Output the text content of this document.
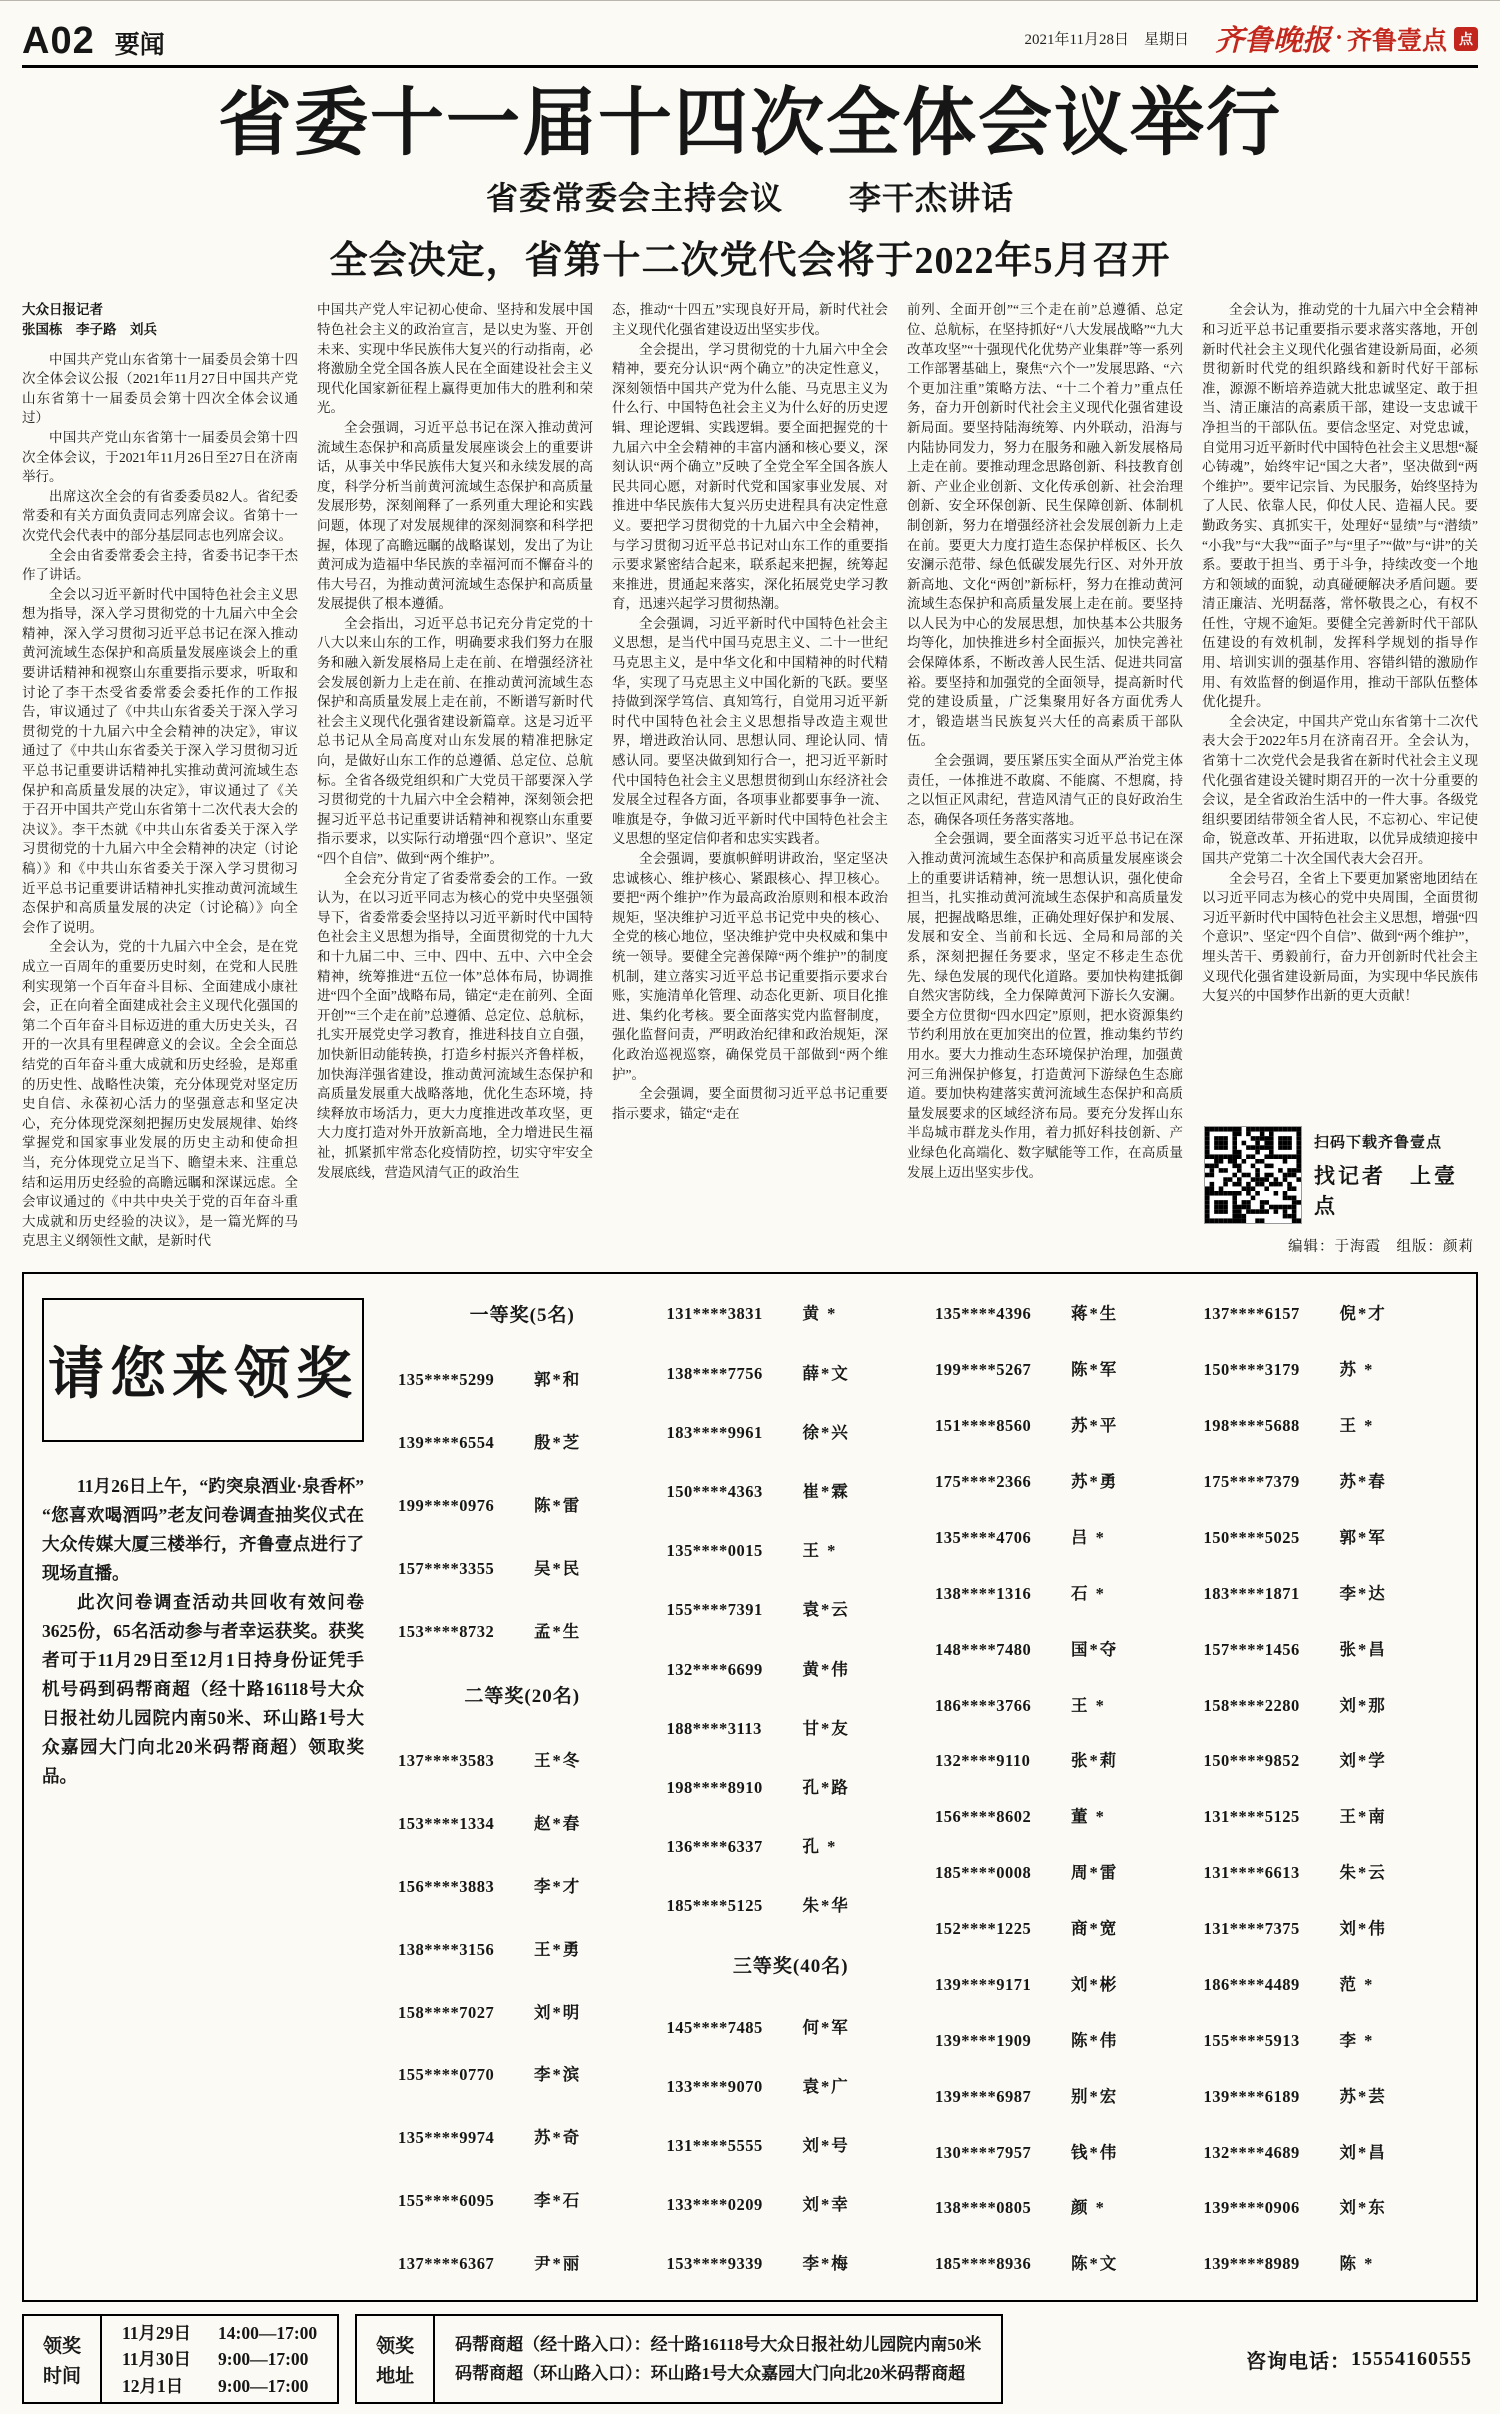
A02 要闻	2021年11月28日　星期日 齐鲁晚报 · 齐鲁壹点 点
省委十一届十四次全体会议举行
省委常委会主持会议　　李干杰讲话
全会决定，省第十二次党代会将于2022年5月召开

大众日报记者

张国栋　李子路　刘兵

中国共产党山东省第十一届委员会第十四次全体会议公报（2021年11月27日中国共产党山东省第十一届委员会第十四次全体会议通过）

中国共产党山东省第十一届委员会第十四次全体会议，于2021年11月26日至27日在济南举行。

出席这次全会的有省委委员82人。省纪委常委和有关方面负责同志列席会议。省第十一次党代会代表中的部分基层同志也列席会议。

全会由省委常委会主持，省委书记李干杰作了讲话。

全会以习近平新时代中国特色社会主义思想为指导，深入学习贯彻党的十九届六中全会精神，深入学习贯彻习近平总书记在深入推动黄河流域生态保护和高质量发展座谈会上的重要讲话精神和视察山东重要指示要求，听取和讨论了李干杰受省委常委会委托作的工作报告，审议通过了《中共山东省委关于深入学习贯彻党的十九届六中全会精神的决定》，审议通过了《中共山东省委关于深入学习贯彻习近平总书记重要讲话精神扎实推动黄河流域生态保护和高质量发展的决定》，审议通过了《关于召开中国共产党山东省第十二次代表大会的决议》。李干杰就《中共山东省委关于深入学习贯彻党的十九届六中全会精神的决定（讨论稿）》和《中共山东省委关于深入学习贯彻习近平总书记重要讲话精神扎实推动黄河流域生态保护和高质量发展的决定（讨论稿）》向全会作了说明。

全会认为，党的十九届六中全会，是在党成立一百周年的重要历史时刻，在党和人民胜利实现第一个百年奋斗目标、全面建成小康社会，正在向着全面建成社会主义现代化强国的第二个百年奋斗目标迈进的重大历史关头，召开的一次具有里程碑意义的会议。全会全面总结党的百年奋斗重大成就和历史经验，是郑重的历史性、战略性决策，充分体现党对坚定历史自信、永葆初心活力的坚强意志和坚定决心，充分体现党深刻把握历史发展规律、始终掌握党和国家事业发展的历史主动和使命担当，充分体现党立足当下、瞻望未来、注重总结和运用历史经验的高瞻远瞩和深谋远虑。全会审议通过的《中共中央关于党的百年奋斗重大成就和历史经验的决议》，是一篇光辉的马克思主义纲领性文献，是新时代

中国共产党人牢记初心使命、坚持和发展中国特色社会主义的政治宣言，是以史为鉴、开创未来、实现中华民族伟大复兴的行动指南，必将激励全党全国各族人民在全面建设社会主义现代化国家新征程上赢得更加伟大的胜利和荣光。

全会强调，习近平总书记在深入推动黄河流域生态保护和高质量发展座谈会上的重要讲话，从事关中华民族伟大复兴和永续发展的高度，科学分析当前黄河流域生态保护和高质量发展形势，深刻阐释了一系列重大理论和实践问题，体现了对发展规律的深刻洞察和科学把握，体现了高瞻远瞩的战略谋划，发出了为让黄河成为造福中华民族的幸福河而不懈奋斗的伟大号召，为推动黄河流域生态保护和高质量发展提供了根本遵循。

全会指出，习近平总书记充分肯定党的十八大以来山东的工作，明确要求我们努力在服务和融入新发展格局上走在前、在增强经济社会发展创新力上走在前、在推动黄河流域生态保护和高质量发展上走在前，不断谱写新时代社会主义现代化强省建设新篇章。这是习近平总书记从全局高度对山东发展的精准把脉定向，是做好山东工作的总遵循、总定位、总航标。全省各级党组织和广大党员干部要深入学习贯彻党的十九届六中全会精神，深刻领会把握习近平总书记重要讲话精神和视察山东重要指示要求，以实际行动增强“四个意识”、坚定“四个自信”、做到“两个维护”。

全会充分肯定了省委常委会的工作。一致认为，在以习近平同志为核心的党中央坚强领导下，省委常委会坚持以习近平新时代中国特色社会主义思想为指导，全面贯彻党的十九大和十九届二中、三中、四中、五中、六中全会精神，统筹推进“五位一体”总体布局，协调推进“四个全面”战略布局，锚定“走在前列、全面开创”“三个走在前”总遵循、总定位、总航标，扎实开展党史学习教育，推进科技自立自强，加快新旧动能转换，打造乡村振兴齐鲁样板，加快海洋强省建设，推动黄河流域生态保护和高质量发展重大战略落地，优化生态环境，持续释放市场活力，更大力度推进改革攻坚，更大力度打造对外开放新高地，全力增进民生福祉，抓紧抓牢常态化疫情防控，切实守牢安全发展底线，营造风清气正的政治生

态，推动“十四五”实现良好开局，新时代社会主义现代化强省建设迈出坚实步伐。

全会提出，学习贯彻党的十九届六中全会精神，要充分认识“两个确立”的决定性意义，深刻领悟中国共产党为什么能、马克思主义为什么行、中国特色社会主义为什么好的历史逻辑、理论逻辑、实践逻辑。要全面把握党的十九届六中全会精神的丰富内涵和核心要义，深刻认识“两个确立”反映了全党全军全国各族人民共同心愿，对新时代党和国家事业发展、对推进中华民族伟大复兴历史进程具有决定性意义。要把学习贯彻党的十九届六中全会精神，与学习贯彻习近平总书记对山东工作的重要指示要求紧密结合起来，联系起来把握，统筹起来推进，贯通起来落实，深化拓展党史学习教育，迅速兴起学习贯彻热潮。

全会强调，习近平新时代中国特色社会主义思想，是当代中国马克思主义、二十一世纪马克思主义，是中华文化和中国精神的时代精华，实现了马克思主义中国化新的飞跃。要坚持做到深学笃信、真知笃行，自觉用习近平新时代中国特色社会主义思想指导改造主观世界，增进政治认同、思想认同、理论认同、情感认同。要坚决做到知行合一，把习近平新时代中国特色社会主义思想贯彻到山东经济社会发展全过程各方面，各项事业都要事争一流、唯旗是夺，争做习近平新时代中国特色社会主义思想的坚定信仰者和忠实实践者。

全会强调，要旗帜鲜明讲政治，坚定坚决忠诚核心、维护核心、紧跟核心、捍卫核心。要把“两个维护”作为最高政治原则和根本政治规矩，坚决维护习近平总书记党中央的核心、全党的核心地位，坚决维护党中央权威和集中统一领导。要健全完善保障“两个维护”的制度机制，建立落实习近平总书记重要指示要求台账，实施清单化管理、动态化更新、项目化推进、集约化考核。要全面落实党内监督制度，强化监督问责，严明政治纪律和政治规矩，深化政治巡视巡察，确保党员干部做到“两个维护”。

全会强调，要全面贯彻习近平总书记重要指示要求，锚定“走在

前列、全面开创”“三个走在前”总遵循、总定位、总航标，在坚持抓好“八大发展战略”“九大改革攻坚”“十强现代化优势产业集群”等一系列工作部署基础上，聚焦“六个一”发展思路、“六个更加注重”策略方法、“十二个着力”重点任务，奋力开创新时代社会主义现代化强省建设新局面。要坚持陆海统筹、内外联动，沿海与内陆协同发力，努力在服务和融入新发展格局上走在前。要推动理念思路创新、科技教育创新、产业企业创新、文化传承创新、社会治理创新、安全环保创新、民生保障创新、体制机制创新，努力在增强经济社会发展创新力上走在前。要更大力度打造生态保护样板区、长久安澜示范带、绿色低碳发展先行区、对外开放新高地、文化“两创”新标杆，努力在推动黄河流域生态保护和高质量发展上走在前。要坚持以人民为中心的发展思想，加快基本公共服务均等化，加快推进乡村全面振兴，加快完善社会保障体系，不断改善人民生活、促进共同富裕。要坚持和加强党的全面领导，提高新时代党的建设质量，广泛集聚用好各方面优秀人才，锻造堪当民族复兴大任的高素质干部队伍。

全会强调，要压紧压实全面从严治党主体责任，一体推进不敢腐、不能腐、不想腐，持之以恒正风肃纪，营造风清气正的良好政治生态，确保各项任务落实落地。

全会强调，要全面落实习近平总书记在深入推动黄河流域生态保护和高质量发展座谈会上的重要讲话精神，统一思想认识，强化使命担当，扎实推动黄河流域生态保护和高质量发展，把握战略思维，正确处理好保护和发展、发展和安全、当前和长远、全局和局部的关系，深刻把握任务要求，坚定不移走生态优先、绿色发展的现代化道路。要加快构建抵御自然灾害防线，全力保障黄河下游长久安澜。要全方位贯彻“四水四定”原则，把水资源集约节约利用放在更加突出的位置，推动集约节约用水。要大力推动生态环境保护治理，加强黄河三角洲保护修复，打造黄河下游绿色生态廊道。要加快构建落实黄河流域生态保护和高质量发展要求的区域经济布局。要充分发挥山东半岛城市群龙头作用，着力抓好科技创新、产业绿色化高端化、数字赋能等工作，在高质量发展上迈出坚实步伐。

全会认为，推动党的十九届六中全会精神和习近平总书记重要指示要求落实落地，开创新时代社会主义现代化强省建设新局面，必须贯彻新时代党的组织路线和新时代好干部标准，源源不断培养造就大批忠诚坚定、敢于担当、清正廉洁的高素质干部，建设一支忠诚干净担当的干部队伍。要信念坚定、对党忠诚，自觉用习近平新时代中国特色社会主义思想“凝心铸魂”，始终牢记“国之大者”，坚决做到“两个维护”。要牢记宗旨、为民服务，始终坚持为了人民、依靠人民，仰仗人民、造福人民。要勤政务实、真抓实干，处理好“显绩”与“潜绩”“小我”与“大我”“面子”与“里子”“做”与“讲”的关系。要敢于担当、勇于斗争，持续改变一个地方和领域的面貌，动真碰硬解决矛盾问题。要清正廉洁、光明磊落，常怀敬畏之心，有权不任性，守规不逾矩。要健全完善新时代干部队伍建设的有效机制，发挥科学规划的指导作用、培训实训的强基作用、容错纠错的激励作用、有效监督的倒逼作用，推动干部队伍整体优化提升。

全会决定，中国共产党山东省第十二次代表大会于2022年5月在济南召开。全会认为，省第十二次党代会是我省在新时代社会主义现代化强省建设关键时期召开的一次十分重要的会议，是全省政治生活中的一件大事。各级党组织要团结带领全省人民，不忘初心、牢记使命，锐意改革、开拓进取，以优异成绩迎接中国共产党第二十次全国代表大会召开。

全会号召，全省上下要更加紧密地团结在以习近平同志为核心的党中央周围，全面贯彻习近平新时代中国特色社会主义思想，增强“四个意识”、坚定“四个自信”、做到“两个维护”，埋头苦干、勇毅前行，奋力开创新时代社会主义现代化强省建设新局面，为实现中华民族伟大复兴的中国梦作出新的更大贡献！

扫码下载齐鲁壹点
找记者　上壹点
编辑：于海霞　组版：颜莉
请您来领奖

11月26日上午，“趵突泉酒业·泉香杯”“您喜欢喝酒吗”老友问卷调查抽奖仪式在大众传媒大厦三楼举行，齐鲁壹点进行了现场直播。

此次问卷调查活动共回收有效问卷3625份，65名活动参与者幸运获奖。获奖者可于11月29日至12月1日持身份证凭手机号码到码帮商超（经十路16118号大众日报社幼儿园院内南50米、环山路1号大众嘉园大门向北20米码帮商超）领取奖品。

一等奖(5名)
135****5299	郭*和
139****6554	殷*芝
199****0976	陈*雷
157****3355	吴*民
153****8732	孟*生
二等奖(20名)
137****3583	王*冬
153****1334	赵*春
156****3883	李*才
138****3156	王*勇
158****7027	刘*明
155****0770	李*滨
135****9974	苏*奇
155****6095	李*石
137****6367	尹*丽
131****3831	黄 *
138****7756	薛*文
183****9961	徐*兴
150****4363	崔*霖
135****0015	王 *
155****7391	袁*云
132****6699	黄*伟
188****3113	甘*友
198****8910	孔*路
136****6337	孔 *
185****5125	朱*华
三等奖(40名)
145****7485	何*军
133****9070	袁*广
131****5555	刘*号
133****0209	刘*幸
153****9339	李*梅
135****4396	蒋*生
199****5267	陈*军
151****8560	苏*平
175****2366	苏*勇
135****4706	吕 *
138****1316	石 *
148****7480	国*夺
186****3766	王 *
132****9110	张*莉
156****8602	董 *
185****0008	周*雷
152****1225	商*宽
139****9171	刘*彬
139****1909	陈*伟
139****6987	别*宏
130****7957	钱*伟
138****0805	颜 *
185****8936	陈*文
137****6157	倪*才
150****3179	苏 *
198****5688	王 *
175****7379	苏*春
150****5025	郭*军
183****1871	李*达
157****1456	张*昌
158****2280	刘*那
150****9852	刘*学
131****5125	王*南
131****6613	朱*云
131****7375	刘*伟
186****4489	范 *
155****5913	李 *
139****6189	苏*芸
132****4689	刘*昌
139****0906	刘*东
139****8989	陈 *
领奖
时间
11月29日	14:00—17:00
11月30日	9:00—17:00
12月1日	9:00—17:00
领奖
地址
码帮商超（经十路入口）：经十路16118号大众日报社幼儿园院内南50米
码帮商超（环山路入口）：环山路1号大众嘉园大门向北20米码帮商超
咨询电话： 15554160555
